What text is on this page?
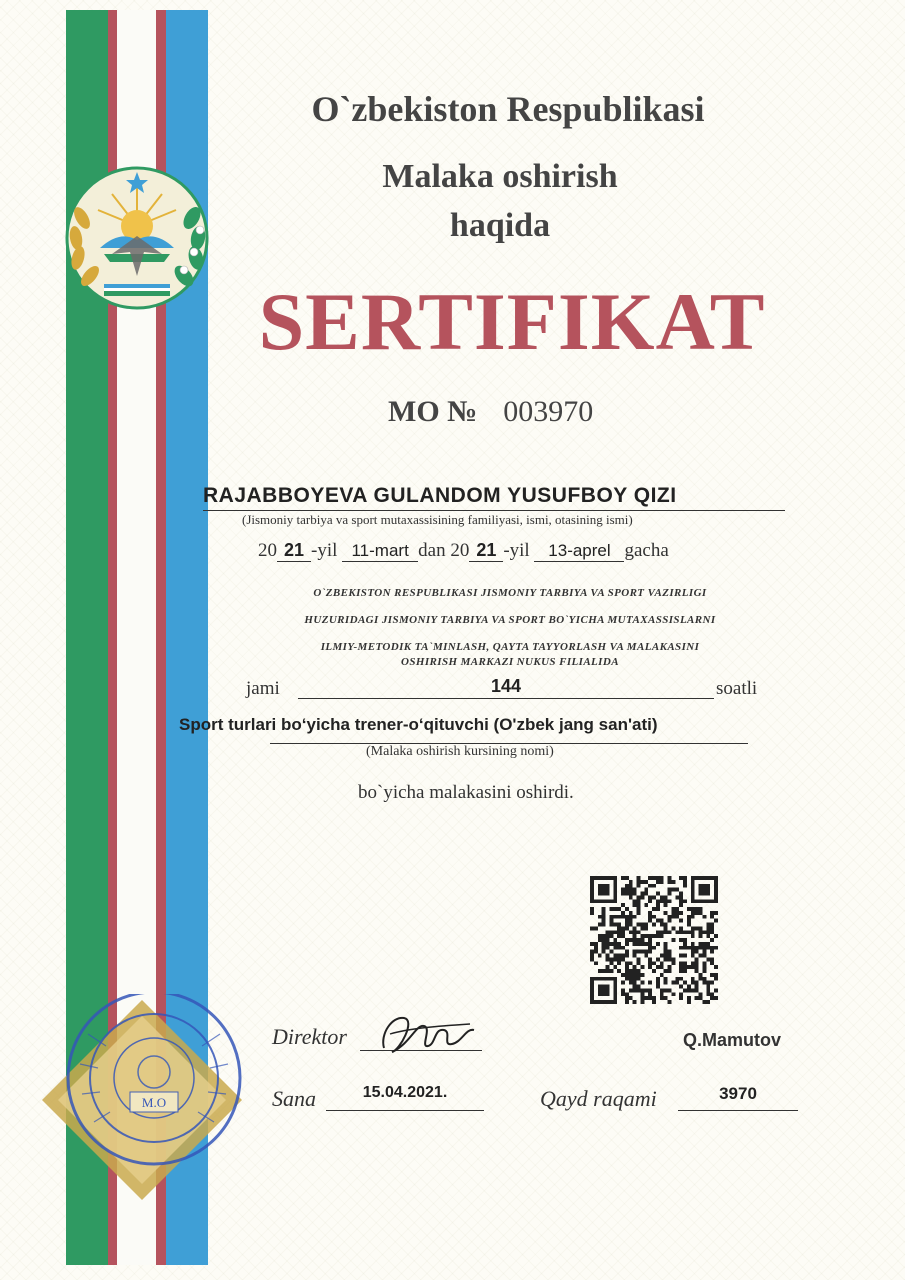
O`zbekiston Respublikasi

Malaka oshirish

haqida

SERTIFIKAT

MO № 003970

RAJABBOYEVA GULANDOM YUSUFBOY QIZI

(Jismoniy tarbiya va sport mutaxassisining familiyasi, ismi, otasining ismi)

20 21 -yil 11-mart dan 20 21 -yil 13-aprel gacha

O`ZBEKISTON RESPUBLIKASI JISMONIY TARBIYA VA SPORT VAZIRLIGI

HUZURIDAGI JISMONIY TARBIYA VA SPORT BO`YICHA MUTAXASSISLARNI

ILMIY-METODIK TA`MINLASH, QAYTA TAYYORLASH VA MALAKASINI

OSHIRISH MARKAZI NUKUS FILIALIDA

jami	144	soatli

Sport turlari bo‘yicha trener-o‘qituvchi (O'zbek jang san'ati)

(Malaka oshirish kursining nomi)

bo`yicha malakasini oshirdi.

M.O

Direktor	Q.Mamutov

Sana	15.04.2021.	Qayd raqami	3970
